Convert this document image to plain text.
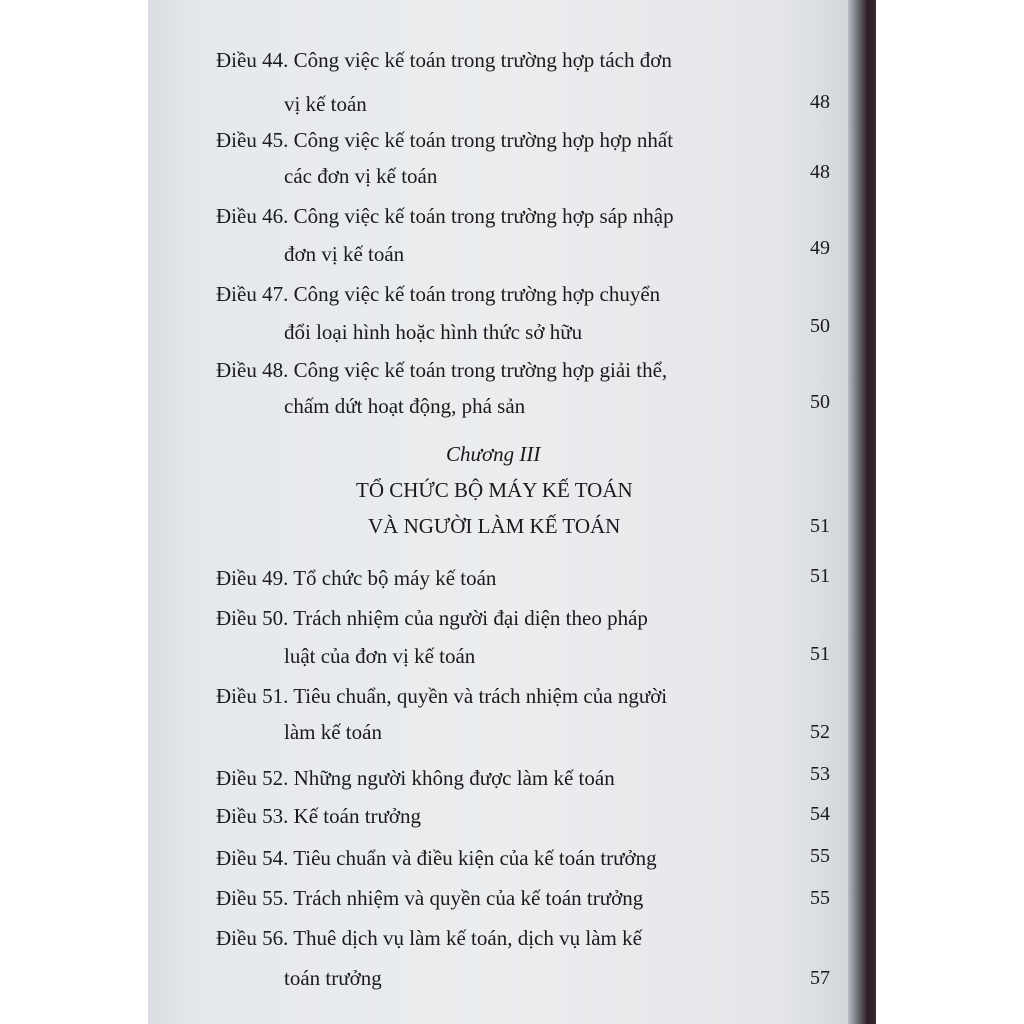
Điều 44. Công việc kế toán trong trường hợp tách đơn
vị kế toán	48
Điều 45. Công việc kế toán trong trường hợp hợp nhất
các đơn vị kế toán	48
Điều 46. Công việc kế toán trong trường hợp sáp nhập
đơn vị kế toán	49
Điều 47. Công việc kế toán trong trường hợp chuyển
đổi loại hình hoặc hình thức sở hữu	50
Điều 48. Công việc kế toán trong trường hợp giải thể,
chấm dứt hoạt động, phá sản	50
Chương III
TỔ CHỨC BỘ MÁY KẾ TOÁN
VÀ NGƯỜI LÀM KẾ TOÁN	51
Điều 49. Tổ chức bộ máy kế toán	51
Điều 50. Trách nhiệm của người đại diện theo pháp
luật của đơn vị kế toán	51
Điều 51. Tiêu chuẩn, quyền và trách nhiệm của người
làm kế toán	52
Điều 52. Những người không được làm kế toán	53
Điều 53. Kế toán trưởng	54
Điều 54. Tiêu chuẩn và điều kiện của kế toán trưởng	55
Điều 55. Trách nhiệm và quyền của kế toán trưởng	55
Điều 56. Thuê dịch vụ làm kế toán, dịch vụ làm kế
toán trưởng	57
